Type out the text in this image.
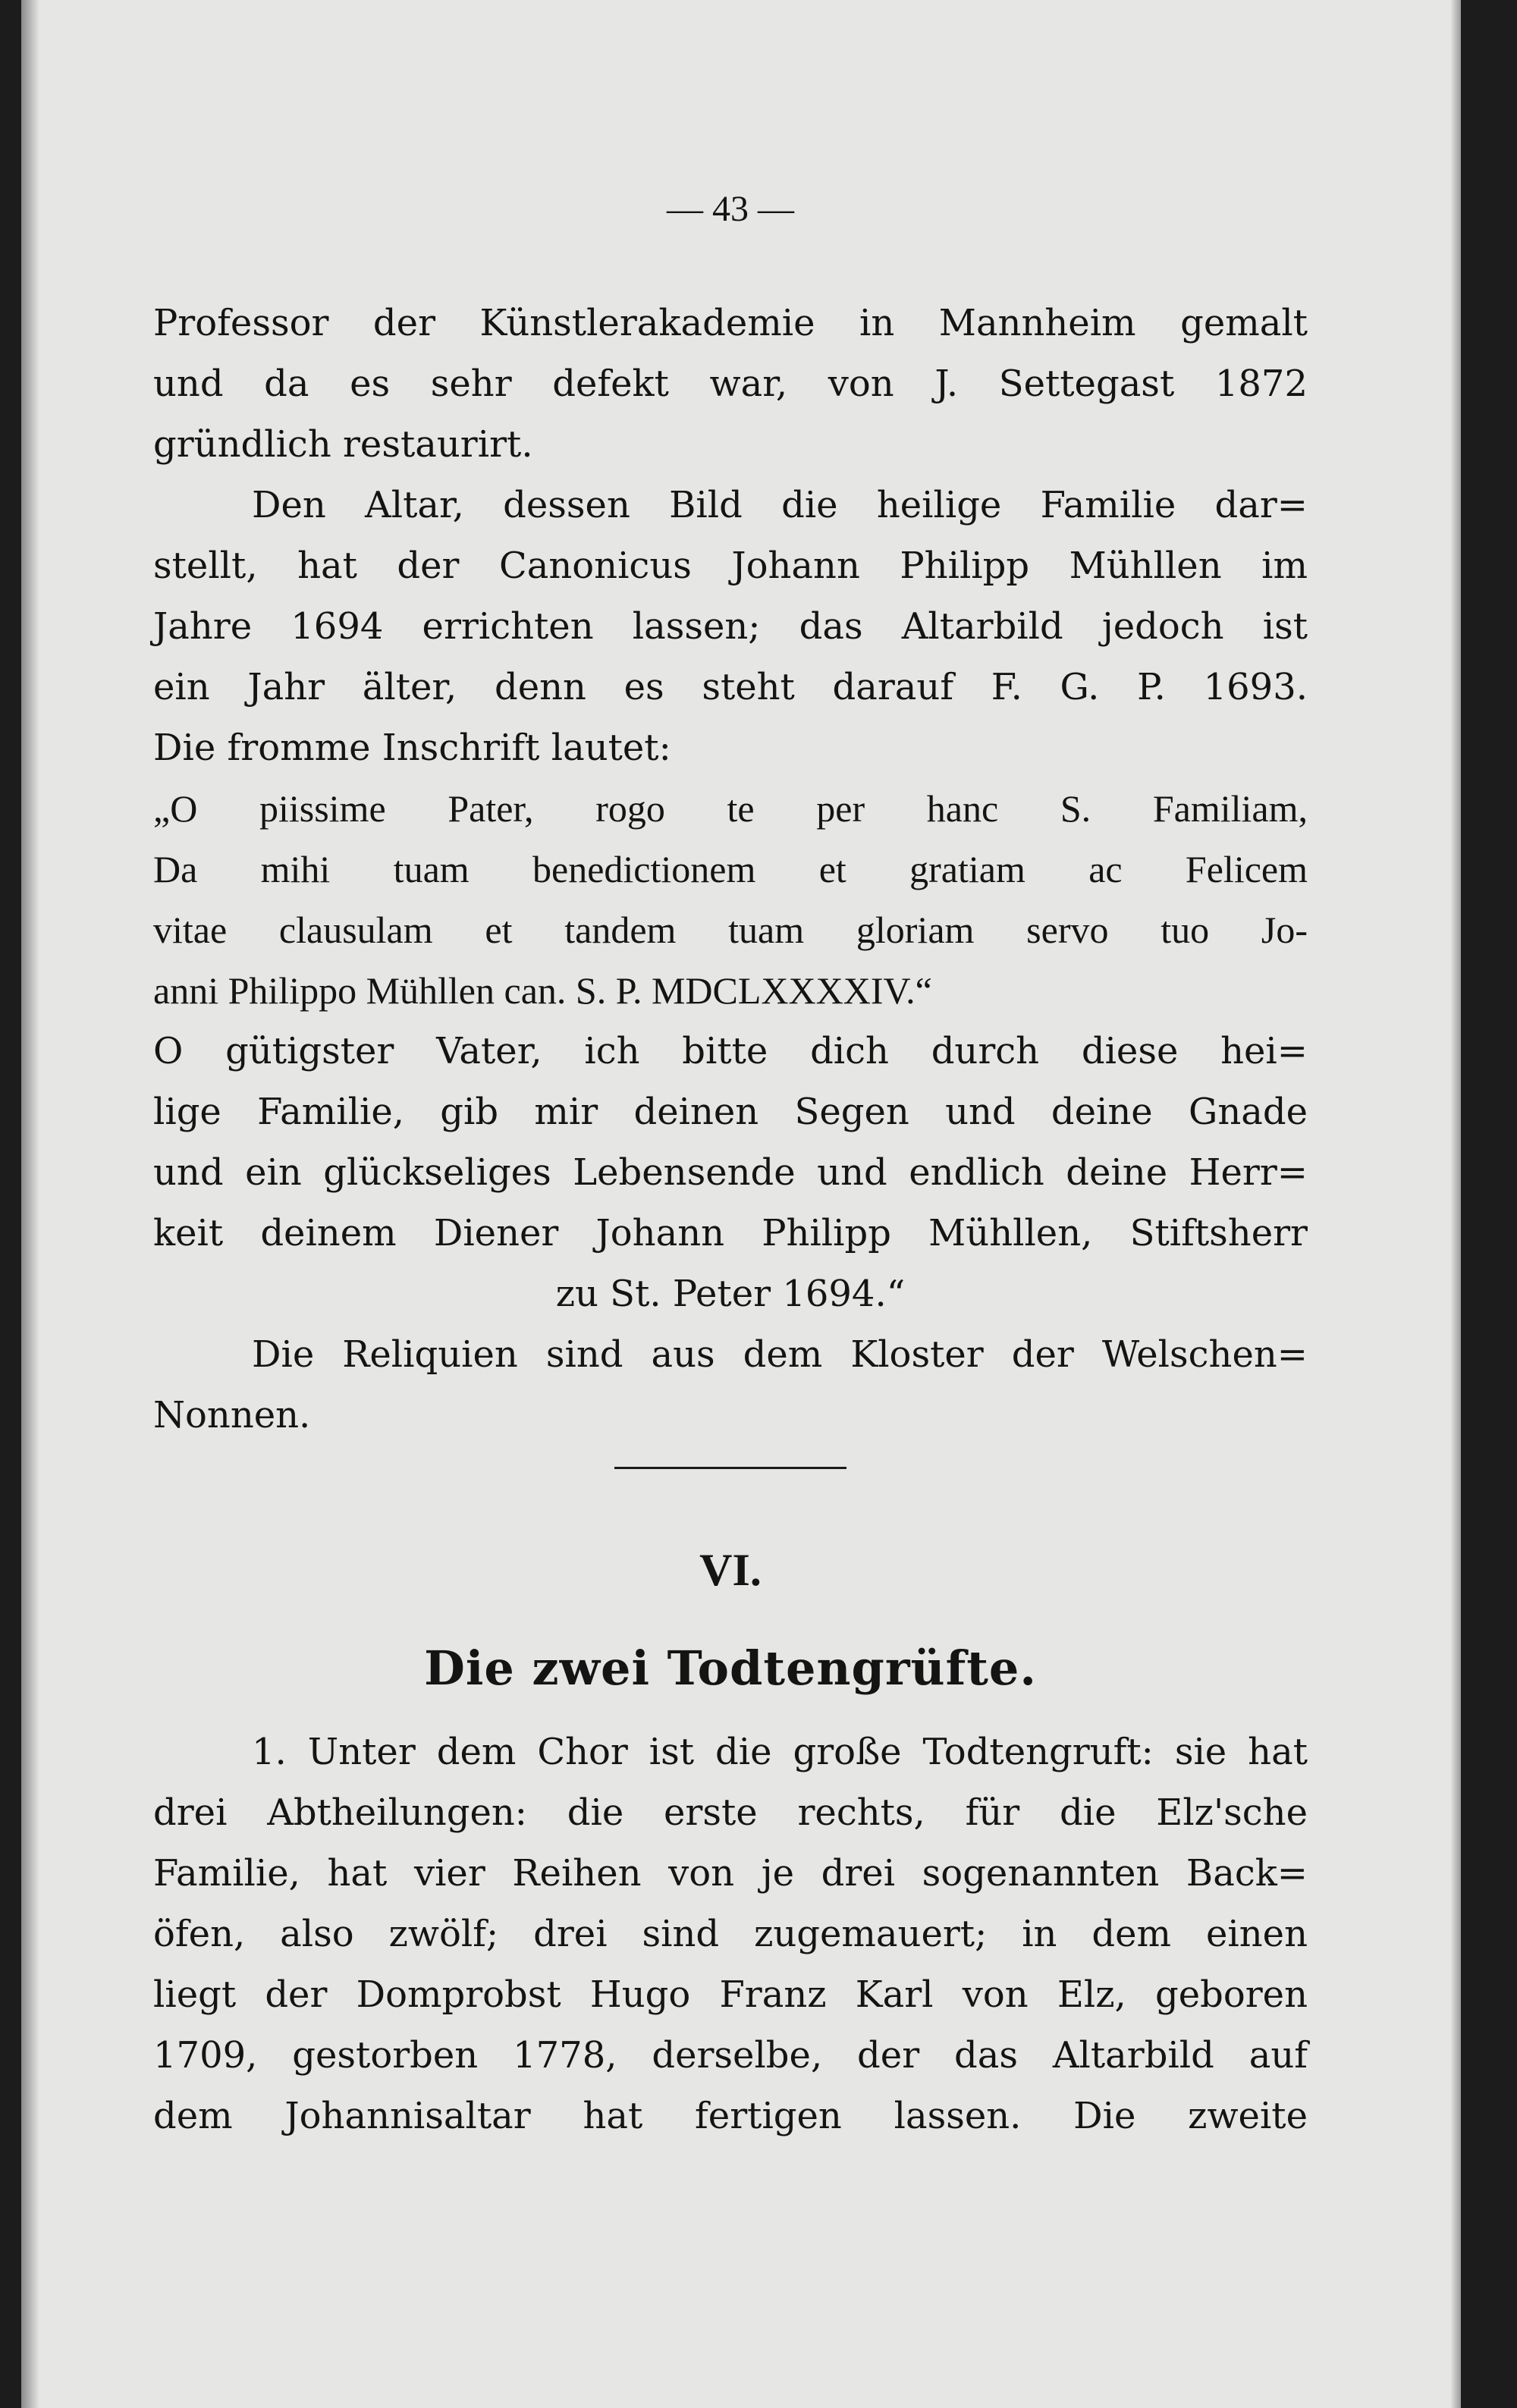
— 43 —
Professor der Künstlerakademie in Mannheim gemalt
und da es sehr defekt war, von J. Settegast 1872
gründlich restaurirt.
Den Altar, dessen Bild die heilige Familie dar=
stellt, hat der Canonicus Johann Philipp Mühllen im
Jahre 1694 errichten lassen; das Altarbild jedoch ist
ein Jahr älter, denn es steht darauf F. G. P. 1693.
Die fromme Inschrift lautet:
„O piissime Pater, rogo te per hanc S. Familiam,
Da mihi tuam benedictionem et gratiam ac Felicem
vitae clausulam et tandem tuam gloriam servo tuo Jo-
anni Philippo Mühllen can. S. P. MDCLXXXXIV.“
O gütigster Vater, ich bitte dich durch diese hei=
lige Familie, gib mir deinen Segen und deine Gnade
und ein glückseliges Lebensende und endlich deine Herr=
keit deinem Diener Johann Philipp Mühllen, Stiftsherr
zu St. Peter 1694.“
Die Reliquien sind aus dem Kloster der Welschen=
Nonnen.
VI.
Die zwei Todtengrüfte.
1. Unter dem Chor ist die große Todtengruft: sie hat
drei Abtheilungen: die erste rechts, für die Elz'sche
Familie, hat vier Reihen von je drei sogenannten Back=
öfen, also zwölf; drei sind zugemauert; in dem einen
liegt der Domprobst Hugo Franz Karl von Elz, geboren
1709, gestorben 1778, derselbe, der das Altarbild auf
dem Johannisaltar hat fertigen lassen. Die zweite
